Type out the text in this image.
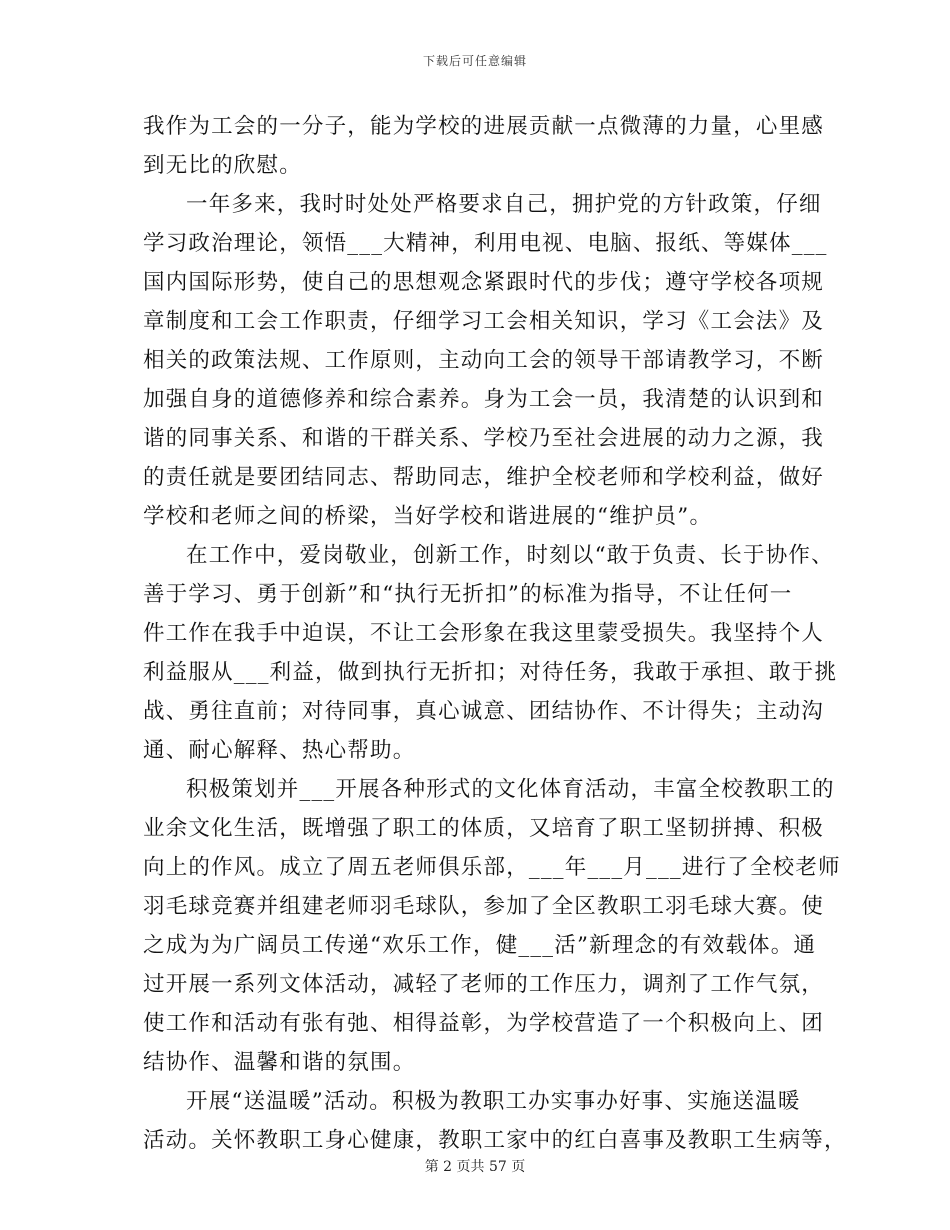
下载后可任意编辑
我作为工会的一分子，能为学校的进展贡献一点微薄的力量，心里感
到无比的欣慰。
一年多来，我时时处处严格要求自己，拥护党的方针政策，仔细
学习政治理论，领悟___大精神，利用电视、电脑、报纸、等媒体___
国内国际形势，使自己的思想观念紧跟时代的步伐；遵守学校各项规
章制度和工会工作职责，仔细学习工会相关知识，学习《工会法》及
相关的政策法规、工作原则，主动向工会的领导干部请教学习，不断
加强自身的道德修养和综合素养。身为工会一员，我清楚的认识到和
谐的同事关系、和谐的干群关系、学校乃至社会进展的动力之源，我
的责任就是要团结同志、帮助同志，维护全校老师和学校利益，做好
学校和老师之间的桥梁，当好学校和谐进展的“维护员”。
在工作中，爱岗敬业，创新工作，时刻以“敢于负责、长于协作、
善于学习、勇于创新”和“执行无折扣”的标准为指导，不让任何一
件工作在我手中迫误，不让工会形象在我这里蒙受损失。我坚持个人
利益服从___利益，做到执行无折扣；对待任务，我敢于承担、敢于挑
战、勇往直前；对待同事，真心诚意、团结协作、不计得失；主动沟
通、耐心解释、热心帮助。
积极策划并___开展各种形式的文化体育活动，丰富全校教职工的
业余文化生活，既增强了职工的体质，又培育了职工坚韧拼搏、积极
向上的作风。成立了周五老师俱乐部，___年___月___进行了全校老师
羽毛球竞赛并组建老师羽毛球队，参加了全区教职工羽毛球大赛。使
之成为为广阔员工传递“欢乐工作，健___活”新理念的有效载体。通
过开展一系列文体活动，减轻了老师的工作压力，调剂了工作气氛，
使工作和活动有张有弛、相得益彰，为学校营造了一个积极向上、团
结协作、温馨和谐的氛围。
开展“送温暖”活动。积极为教职工办实事办好事、实施送温暖
活动。关怀教职工身心健康，教职工家中的红白喜事及教职工生病等，
第 2 页共 57 页
